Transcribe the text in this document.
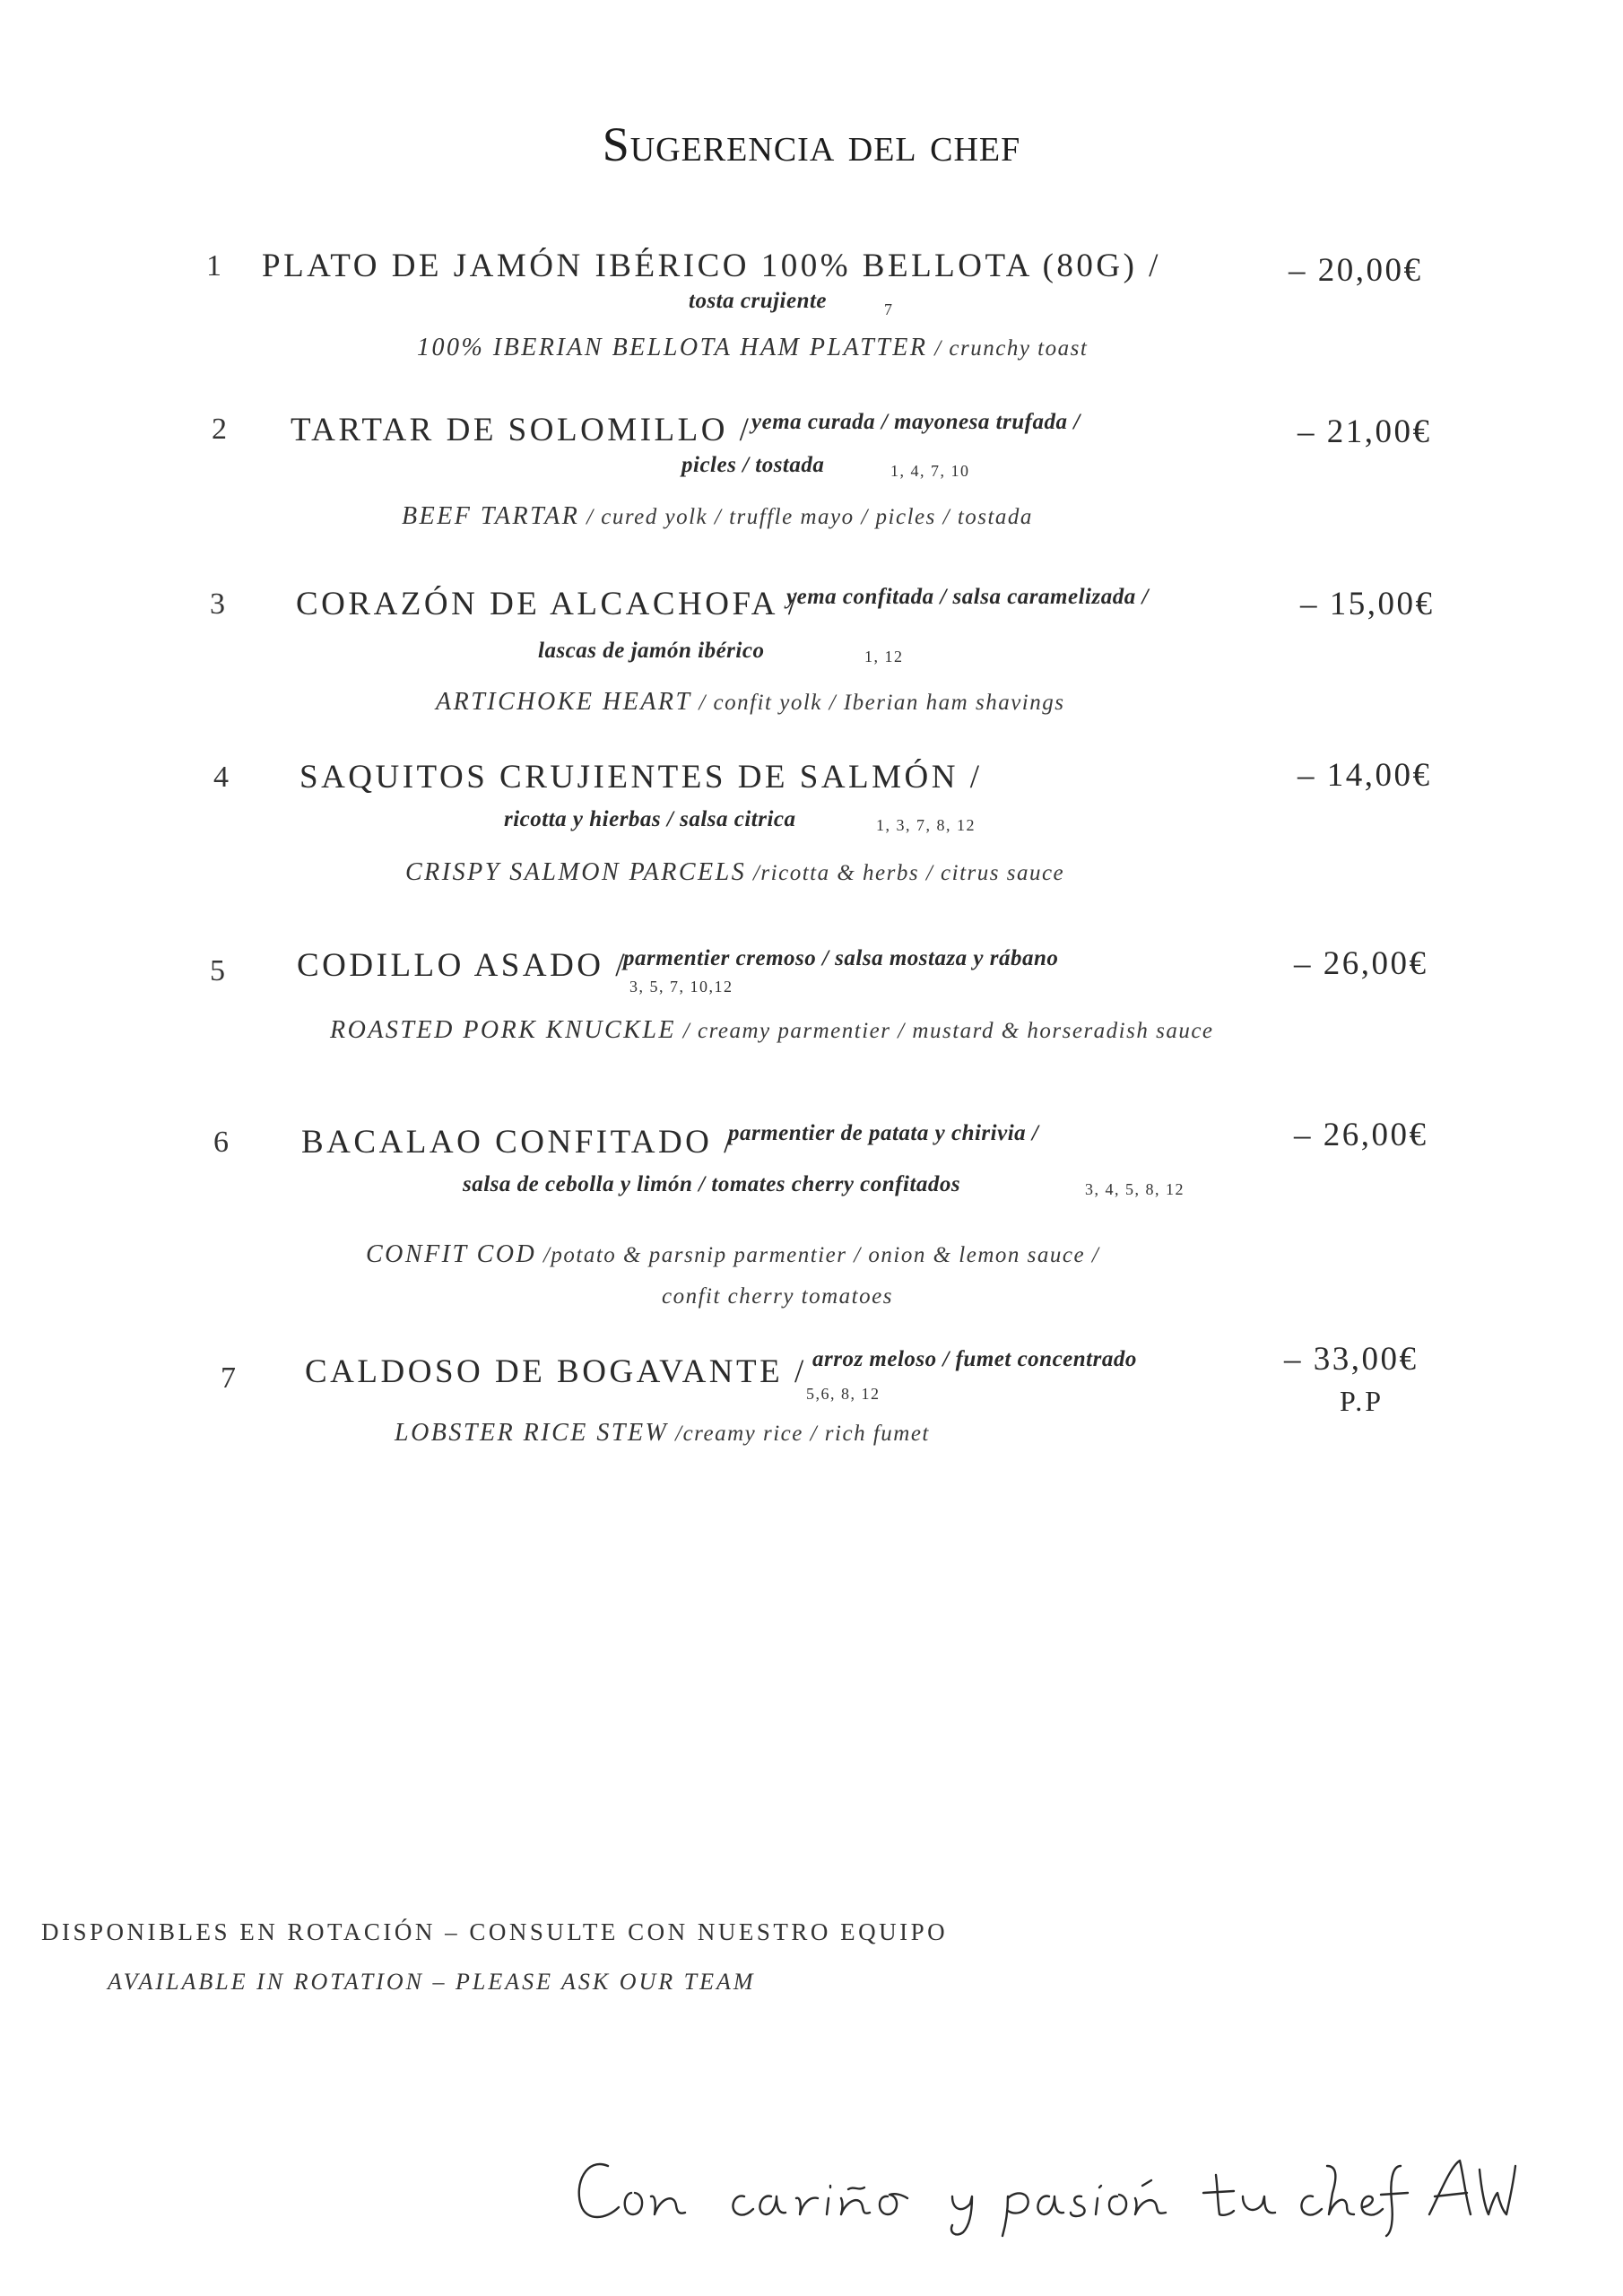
Sugerencia del chef
1 PLATO DE JAMÓN IBÉRICO 100% BELLOTA (80G) /
tosta crujiente	7
100% IBERIAN BELLOTA HAM PLATTER / crunchy toast
– 20,00€
2 TARTAR DE SOLOMILLO / yema curada / mayonesa trufada /
picles / tostada	1, 4, 7, 10
BEEF TARTAR / cured yolk / truffle mayo / picles / tostada
– 21,00€
3 CORAZÓN DE ALCACHOFA /
yema confitada / salsa caramelizada /
lascas de jamón ibérico	1, 12
ARTICHOKE HEART / confit yolk / Iberian ham shavings
– 15,00€
4 SAQUITOS CRUJIENTES DE SALMÓN /
ricotta y hierbas / salsa citrica	1, 3, 7, 8, 12
CRISPY SALMON PARCELS /ricotta & herbs / citrus sauce
– 14,00€
5 CODILLO ASADO /
parmentier cremoso / salsa mostaza y rábano
3, 5, 7, 10,12
ROASTED PORK KNUCKLE / creamy parmentier / mustard & horseradish sauce
– 26,00€
6 BACALAO CONFITADO /
parmentier de patata y chirivia /
salsa de cebolla y limón / tomates cherry confitados	3, 4, 5, 8, 12
CONFIT COD /potato & parsnip parmentier / onion & lemon sauce /
confit cherry tomatoes
– 26,00€
7 CALDOSO DE BOGAVANTE / arroz meloso / fumet concentrado
5,6, 8, 12
LOBSTER RICE STEW /creamy rice / rich fumet
– 33,00€
P.P
DISPONIBLES EN ROTACIÓN – CONSULTE CON NUESTRO EQUIPO
AVAILABLE IN ROTATION – PLEASE ASK OUR TEAM
